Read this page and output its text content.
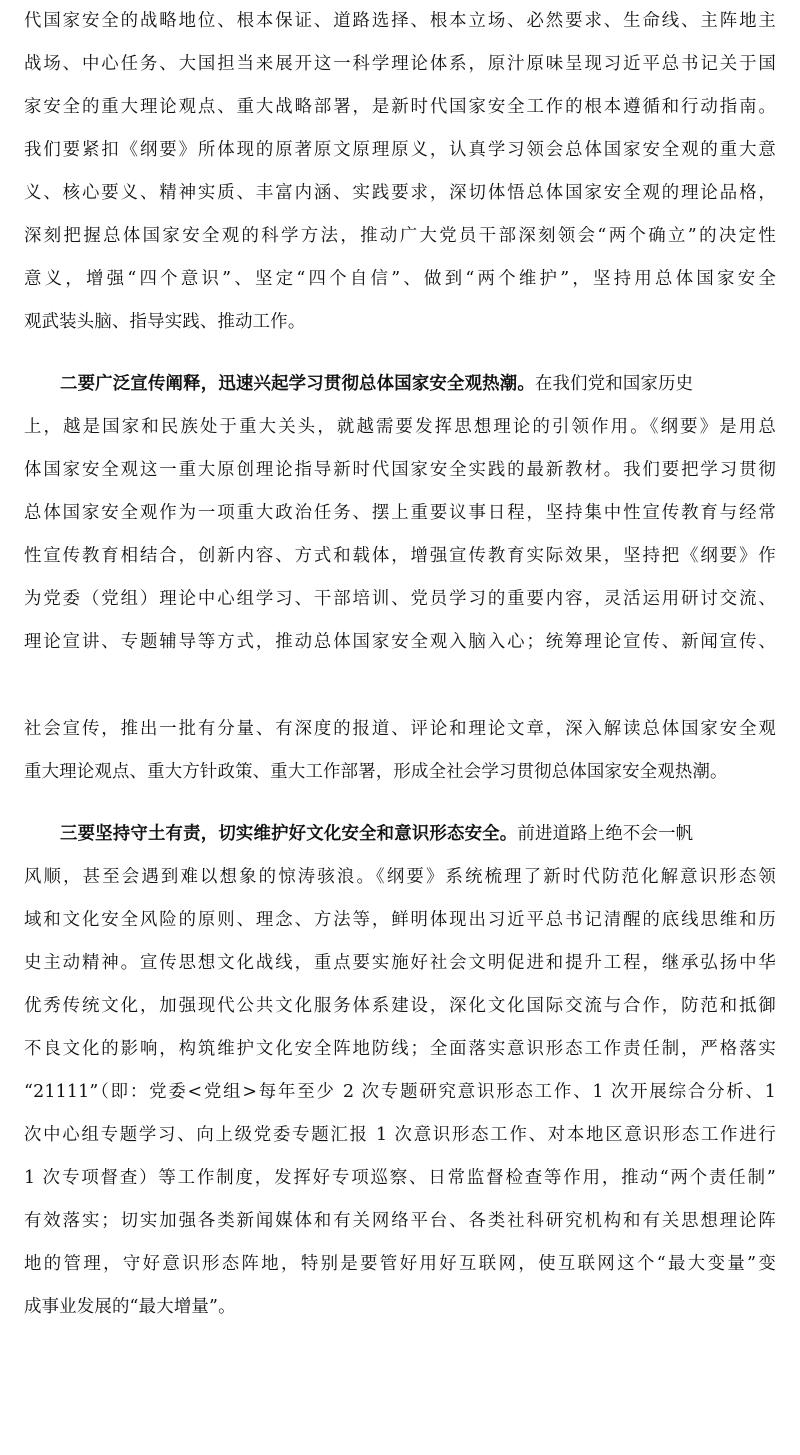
代国家安全的战略地位、根本保证、道路选择、根本立场、必然要求、生命线、主阵地主
战场、中心任务、大国担当来展开这一科学理论体系，原汁原味呈现习近平总书记关于国
家安全的重大理论观点、重大战略部署，是新时代国家安全工作的根本遵循和行动指南。
我们要紧扣《纲要》所体现的原著原文原理原义，认真学习领会总体国家安全观的重大意
义、核心要义、精神实质、丰富内涵、实践要求，深切体悟总体国家安全观的理论品格，
深刻把握总体国家安全观的科学方法，推动广大党员干部深刻领会“两个确立”的决定性
意义，增强“四个意识”、坚定“四个自信”、做到“两个维护”，坚持用总体国家安全
观武装头脑、指导实践、推动工作。
二要广泛宣传阐释，迅速兴起学习贯彻总体国家安全观热潮。在我们党和国家历史
上，越是国家和民族处于重大关头，就越需要发挥思想理论的引领作用。《纲要》是用总
体国家安全观这一重大原创理论指导新时代国家安全实践的最新教材。我们要把学习贯彻
总体国家安全观作为一项重大政治任务、摆上重要议事日程，坚持集中性宣传教育与经常
性宣传教育相结合，创新内容、方式和载体，增强宣传教育实际效果，坚持把《纲要》作
为党委（党组）理论中心组学习、干部培训、党员学习的重要内容，灵活运用研讨交流、
理论宣讲、专题辅导等方式，推动总体国家安全观入脑入心；统筹理论宣传、新闻宣传、
社会宣传，推出一批有分量、有深度的报道、评论和理论文章，深入解读总体国家安全观
重大理论观点、重大方针政策、重大工作部署，形成全社会学习贯彻总体国家安全观热潮。
三要坚持守土有责，切实维护好文化安全和意识形态安全。前进道路上绝不会一帆
风顺，甚至会遇到难以想象的惊涛骇浪。《纲要》系统梳理了新时代防范化解意识形态领
域和文化安全风险的原则、理念、方法等，鲜明体现出习近平总书记清醒的底线思维和历
史主动精神。宣传思想文化战线，重点要实施好社会文明促进和提升工程，继承弘扬中华
优秀传统文化，加强现代公共文化服务体系建设，深化文化国际交流与合作，防范和抵御
不良文化的影响，构筑维护文化安全阵地防线；全面落实意识形态工作责任制，严格落实
“21111”（即：党委<党组>每年至少 2 次专题研究意识形态工作、1 次开展综合分析、1
次中心组专题学习、向上级党委专题汇报 1 次意识形态工作、对本地区意识形态工作进行
1 次专项督查）等工作制度，发挥好专项巡察、日常监督检查等作用，推动“两个责任制”
有效落实；切实加强各类新闻媒体和有关网络平台、各类社科研究机构和有关思想理论阵
地的管理，守好意识形态阵地，特别是要管好用好互联网，使互联网这个“最大变量”变
成事业发展的“最大增量”。
